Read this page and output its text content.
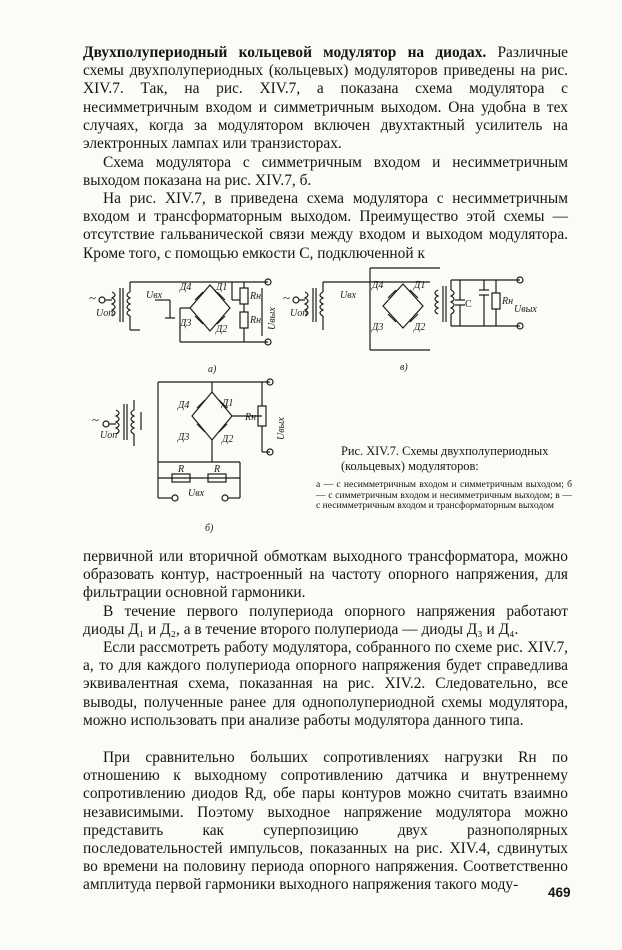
Двухполупериодный кольцевой модулятор на диодах. Различные схемы двухполупериодных (кольцевых) модуляторов приведены на рис. XIV.7. Так, на рис. XIV.7, а показана схема модулятора с несимметричным входом и симметричным выходом. Она удобна в тех случаях, когда за модулятором включен двухтактный усилитель на электронных лампах или транзисторах.

Схема модулятора с симметричным входом и несимметричным выходом показана на рис. XIV.7, б.

На рис. XIV.7, в приведена схема модулятора с несимметричным входом и трансформаторным выходом. Преимущество этой схемы — отсутствие гальванической связи между входом и выходом модулятора. Кроме того, с помощью емкости С, подключенной к

~
Uоп
Uвх
Д4 Д1
Д3
Д2
Rн
Rн Uвых
а)
~
Uоп
Uвх
Д4	Д1
Д3	Д2
C	Rн
Uвых
в)
~
Uоп
Д4	Д1
Д3	Д2
Rн Uвых
R	R
Uвх
б)
Рис. XIV.7. Схемы двухполупериодных (кольцевых) модуляторов:
а — с несимметричным входом и симметричным выходом; б — с симметричным входом и несимметричным выходом; в — с несимметричным входом и трансформаторным выходом

первичной или вторичной обмоткам выходного трансформатора, можно образовать контур, настроенный на частоту опорного напряжения, для фильтрации основной гармоники.

В течение первого полупериода опорного напряжения работают диоды Д₁ и Д₂, а в течение второго полупериода — диоды Д₃ и Д₄.

Если рассмотреть работу модулятора, собранного по схеме рис. XIV.7, а, то для каждого полупериода опорного напряжения будет справедлива эквивалентная схема, показанная на рис. XIV.2. Следовательно, все выводы, полученные ранее для однополупериодной схемы модулятора, можно использовать при анализе работы модулятора данного типа.

При сравнительно больших сопротивлениях нагрузки Rн по отношению к выходному сопротивлению датчика и внутреннему сопротивлению диодов Rд, обе пары контуров можно считать взаимно независимыми. Поэтому выходное напряжение модулятора можно представить как суперпозицию двух разнополярных последовательностей импульсов, показанных на рис. XIV.4, сдвинутых во времени на половину периода опорного напряжения. Соответственно амплитуда первой гармоники выходного напряжения такого моду-	469
